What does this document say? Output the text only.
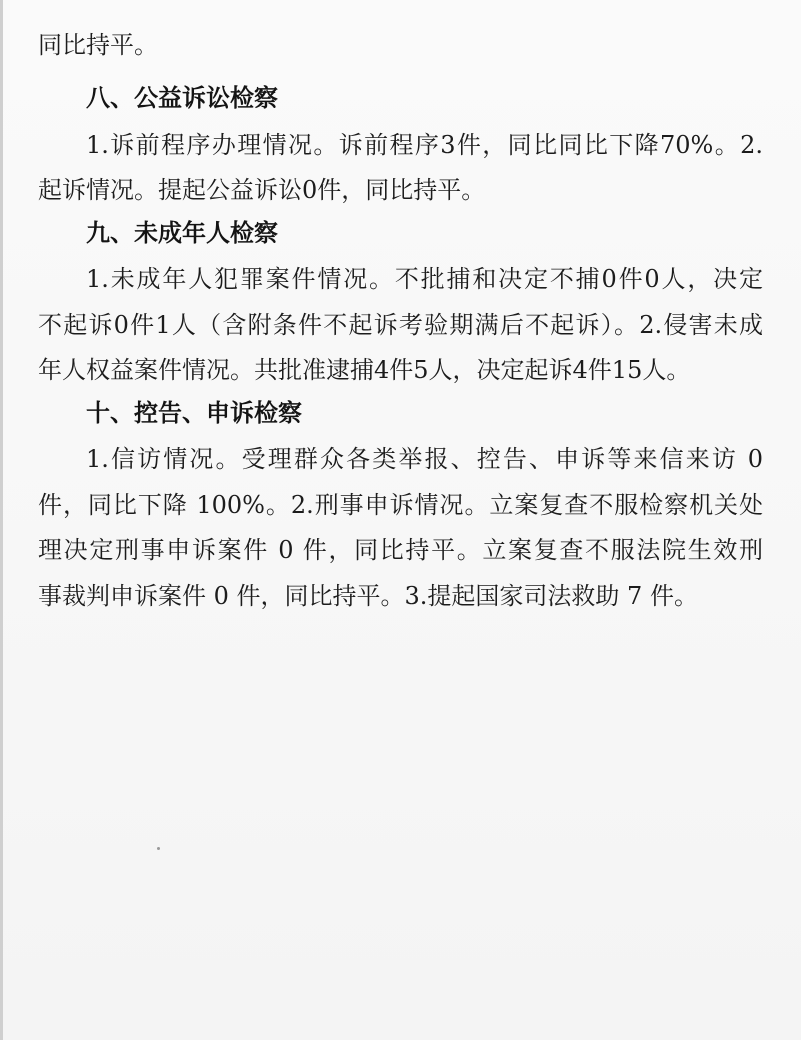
同比持平。
八、公益诉讼检察
1.诉前程序办理情况。诉前程序3件，同比同比下降70%。2.
起诉情况。提起公益诉讼0件，同比持平。
九、未成年人检察
1.未成年人犯罪案件情况。不批捕和决定不捕0件0人，决定
不起诉0件1人（含附条件不起诉考验期满后不起诉）。2.侵害未成
年人权益案件情况。共批准逮捕4件5人，决定起诉4件15人。
十、控告、申诉检察
1.信访情况。受理群众各类举报、控告、申诉等来信来访 0
件，同比下降 100%。2.刑事申诉情况。立案复查不服检察机关处
理决定刑事申诉案件 0 件，同比持平。立案复查不服法院生效刑
事裁判申诉案件 0 件，同比持平。3.提起国家司法救助 7 件。
